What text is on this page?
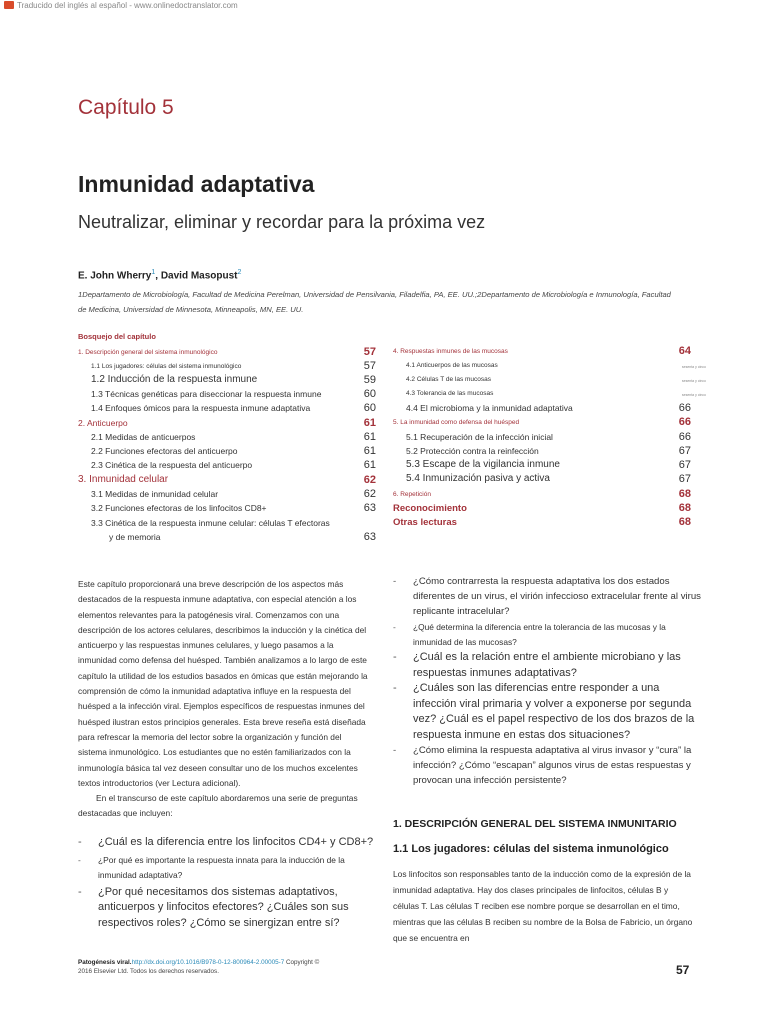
Traducido del inglés al español - www.onlinedoctranslator.com
Capítulo 5
Inmunidad adaptativa
Neutralizar, eliminar y recordar para la próxima vez
E. John Wherry$^1$, David Masopust$^2$
1Departamento de Microbiología, Facultad de Medicina Perelman, Universidad de Pensilvania, Filadelfia, PA, EE. UU.;2Departamento de Microbiología e Inmunología, Facultad de Medicina, Universidad de Minnesota, Minneapolis, MN, EE. UU.
Bosquejo del capítulo
1. Descripción general del sistema inmunológico	57
1.1 Los jugadores: células del sistema inmunológico	57
1.2 Inducción de la respuesta inmune	59
1.3 Técnicas genéticas para diseccionar la respuesta inmune	60
1.4 Enfoques ómicos para la respuesta inmune adaptativa	60
2. Anticuerpo	61
2.1 Medidas de anticuerpos	61
2.2 Funciones efectoras del anticuerpo	61
2.3 Cinética de la respuesta del anticuerpo	61
3. Inmunidad celular	62
3.1 Medidas de inmunidad celular	62
3.2 Funciones efectoras de los linfocitos CD8+	63
3.3 Cinética de la respuesta inmune celular: células T efectoras
y de memoria	63
4. Respuestas inmunes de las mucosas	64
4.1 Anticuerpos de las mucosas	sesenta y cinco
4.2 Células T de las mucosas	sesenta y cinco
4.3 Tolerancia de las mucosas	sesenta y cinco
4.4 El microbioma y la inmunidad adaptativa	66
5. La inmunidad como defensa del huésped	66
5.1 Recuperación de la infección inicial	66
5.2 Protección contra la reinfección	67
5.3 Escape de la vigilancia inmune	67
5.4 Inmunización pasiva y activa	67
6. Repetición	68
Reconocimiento	68
Otras lecturas	68

Este capítulo proporcionará una breve descripción de los aspectos más destacados de la respuesta inmune adaptativa, con especial atención a los elementos relevantes para la patogénesis viral. Comenzamos con una descripción de los actores celulares, describimos la inducción y la cinética del anticuerpo y las respuestas inmunes celulares, y luego pasamos a la inmunidad como defensa del huésped. También analizamos a lo largo de este capítulo la utilidad de los estudios basados en ómicas que están mejorando la comprensión de cómo la inmunidad adaptativa influye en la respuesta del huésped a la infección viral. Ejemplos específicos de respuestas inmunes del huésped ilustran estos principios generales. Esta breve reseña está diseñada para refrescar la memoria del lector sobre la organización y función del sistema inmunológico. Los estudiantes que no estén familiarizados con la inmunología básica tal vez deseen consultar uno de los muchos excelentes textos introductorios (ver Lectura adicional).

En el transcurso de este capítulo abordaremos una serie de preguntas destacadas que incluyen:

- ¿Cuál es la diferencia entre los linfocitos CD4+ y CD8+?
- ¿Por qué es importante la respuesta innata para la inducción de la inmunidad adaptativa?
- ¿Por qué necesitamos dos sistemas adaptativos, anticuerpos y linfocitos efectores? ¿Cuáles son sus respectivos roles? ¿Cómo se sinergizan entre sí?
- ¿Cómo contrarresta la respuesta adaptativa los dos estados diferentes de un virus, el virión infeccioso extracelular frente al virus replicante intracelular?
- ¿Qué determina la diferencia entre la tolerancia de las mucosas y la inmunidad de las mucosas?
- ¿Cuál es la relación entre el ambiente microbiano y las respuestas inmunes adaptativas?
- ¿Cuáles son las diferencias entre responder a una infección viral primaria y volver a exponerse por segunda vez? ¿Cuál es el papel respectivo de los dos brazos de la respuesta inmune en estas dos situaciones?
- ¿Cómo elimina la respuesta adaptativa al virus invasor y “cura” la infección? ¿Cómo “escapan” algunos virus de estas respuestas y provocan una infección persistente?
1. DESCRIPCIÓN GENERAL DEL SISTEMA INMUNITARIO
1.1 Los jugadores: células del sistema inmunológico

Los linfocitos son responsables tanto de la inducción como de la expresión de la inmunidad adaptativa. Hay dos clases principales de linfocitos, células B y células T. Las células T reciben ese nombre porque se desarrollan en el timo, mientras que las células B reciben su nombre de la Bolsa de Fabricio, un órgano que se encuentra en

Patogénesis viral.http://dx.doi.org/10.1016/B978-0-12-800964-2.00005-7 Copyright ©
2016 Elsevier Ltd. Todos los derechos reservados.	57
